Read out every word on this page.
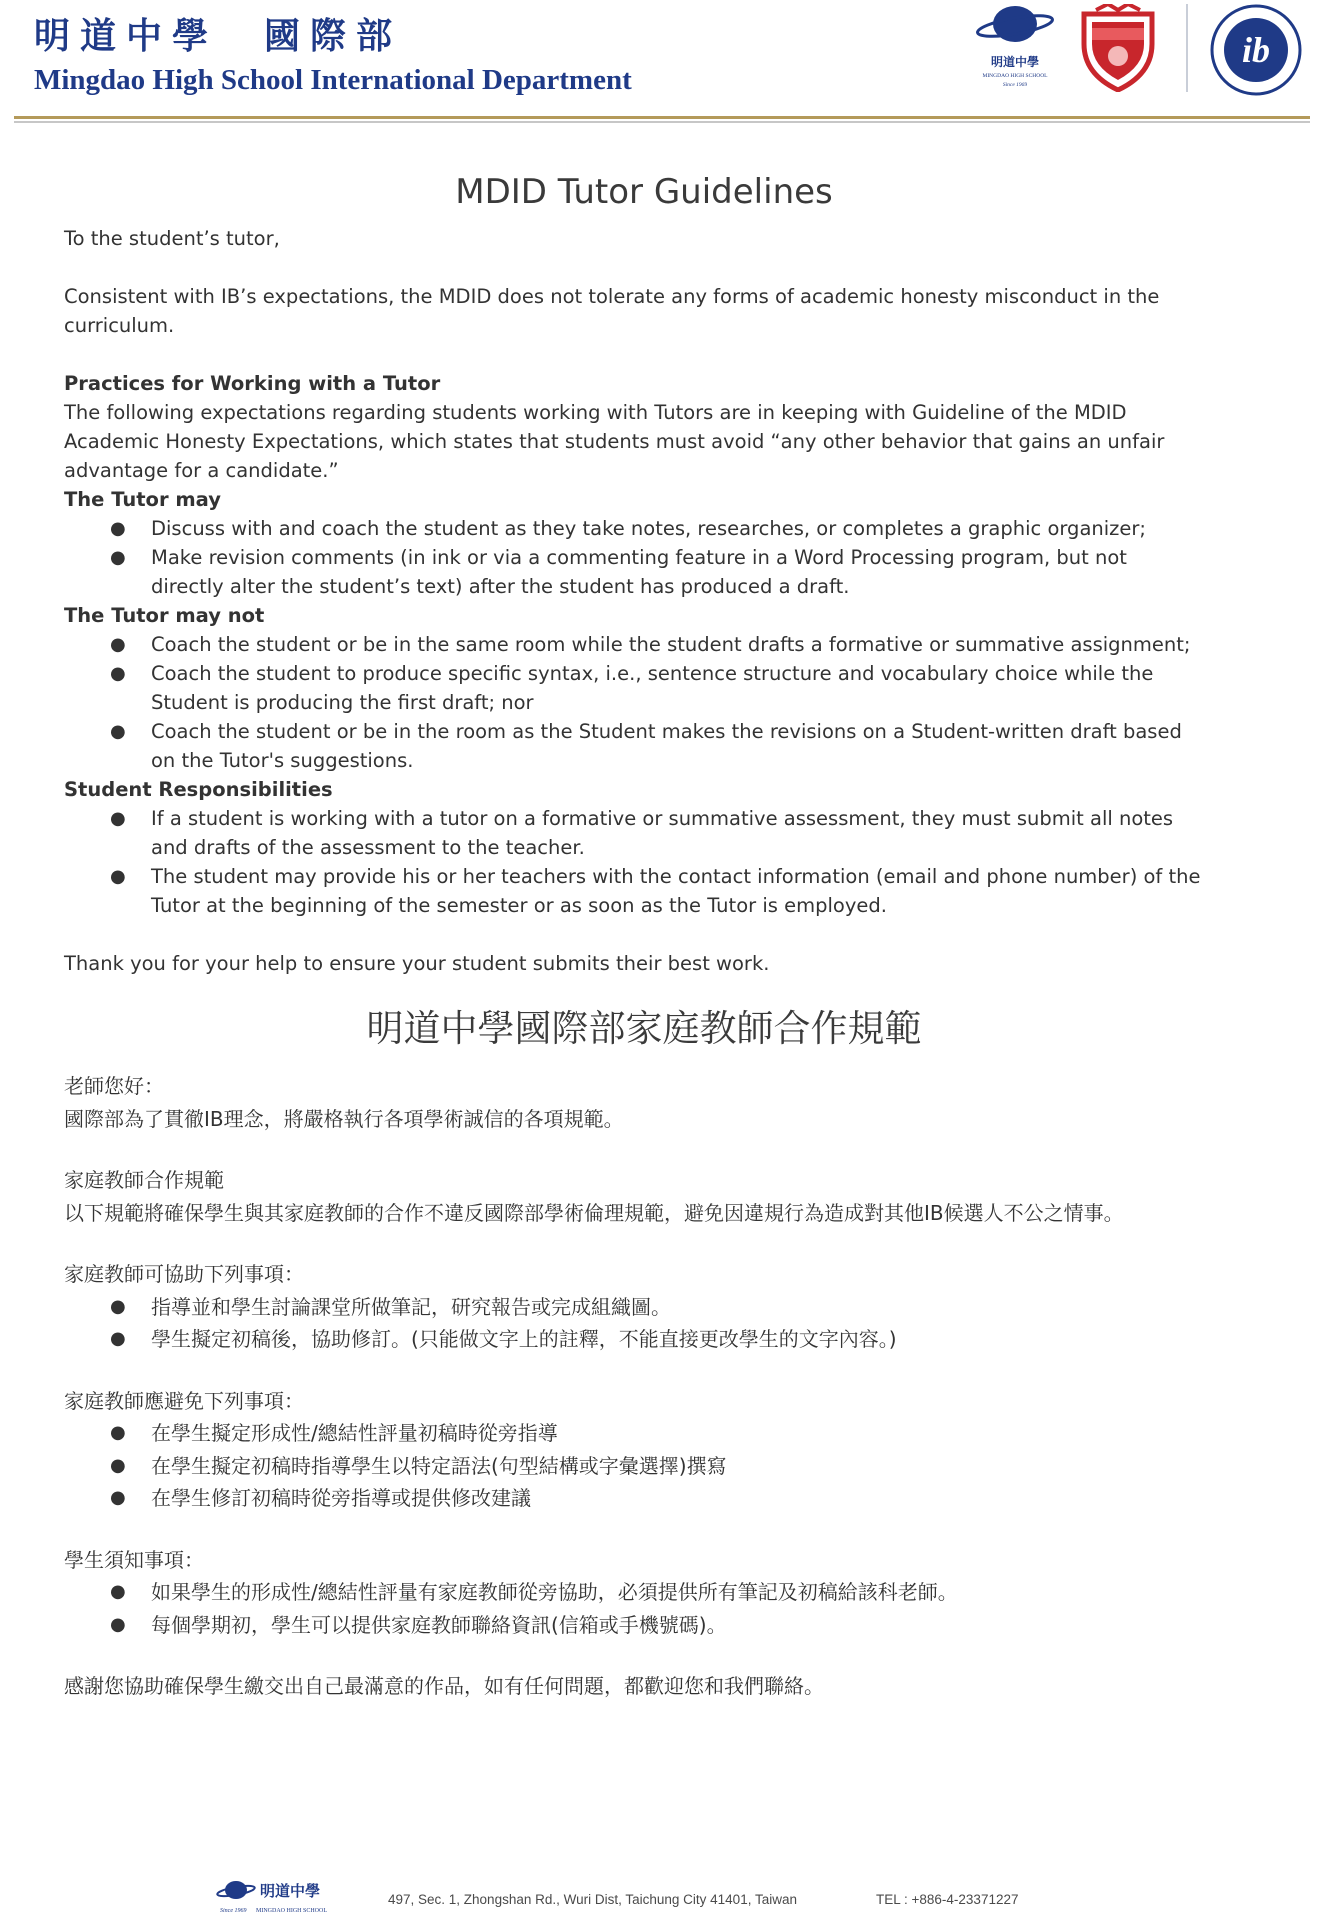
明道中學　國際部
Mingdao High School International Department
明道中學
MINGDAO HIGH SCHOOL
Since 1969
ib
MDID Tutor Guidelines

To the student’s tutor,

Consistent with IB’s expectations, the MDID does not tolerate any forms of academic honesty misconduct in the curriculum.

Practices for Working with a Tutor

The following expectations regarding students working with Tutors are in keeping with Guideline of the MDID Academic Honesty Expectations, which states that students must avoid “any other behavior that gains an unfair advantage for a candidate.”

The Tutor may

● Discuss with and coach the student as they take notes, researches, or completes a graphic organizer;
● Make revision comments (in ink or via a commenting feature in a Word Processing program, but not directly alter the student’s text) after the student has produced a draft.

The Tutor may not

● Coach the student or be in the same room while the student drafts a formative or summative assignment;
● Coach the student to produce specific syntax, i.e., sentence structure and vocabulary choice while the Student is producing the first draft; nor
● Coach the student or be in the room as the Student makes the revisions on a Student-written draft based on the Tutor's suggestions.

Student Responsibilities

● If a student is working with a tutor on a formative or summative assessment, they must submit all notes and drafts of the assessment to the teacher.
● The student may provide his or her teachers with the contact information (email and phone number) of the Tutor at the beginning of the semester or as soon as the Tutor is employed.

Thank you for your help to ensure your student submits their best work.

明道中學國際部家庭教師合作規範

老師您好：

國際部為了貫徹IB理念，將嚴格執行各項學術誠信的各項規範。

家庭教師合作規範

以下規範將確保學生與其家庭教師的合作不違反國際部學術倫理規範，避免因違規行為造成對其他IB候選人不公之情事。

家庭教師可協助下列事項：

● 指導並和學生討論課堂所做筆記，研究報告或完成組織圖。
● 學生擬定初稿後，協助修訂。(只能做文字上的註釋，不能直接更改學生的文字內容。)

家庭教師應避免下列事項：

● 在學生擬定形成性/總結性評量初稿時從旁指導
● 在學生擬定初稿時指導學生以特定語法(句型結構或字彙選擇)撰寫
● 在學生修訂初稿時從旁指導或提供修改建議

學生須知事項：

● 如果學生的形成性/總結性評量有家庭教師從旁協助，必須提供所有筆記及初稿給該科老師。
● 每個學期初，學生可以提供家庭教師聯絡資訊(信箱或手機號碼)。

感謝您協助確保學生繳交出自己最滿意的作品，如有任何問題，都歡迎您和我們聯絡。

明道中學
Since 1969 MINGDAO HIGH SCHOOL
497, Sec. 1, Zhongshan Rd., Wuri Dist, Taichung City 41401, Taiwan	TEL : +886-4-23371227
